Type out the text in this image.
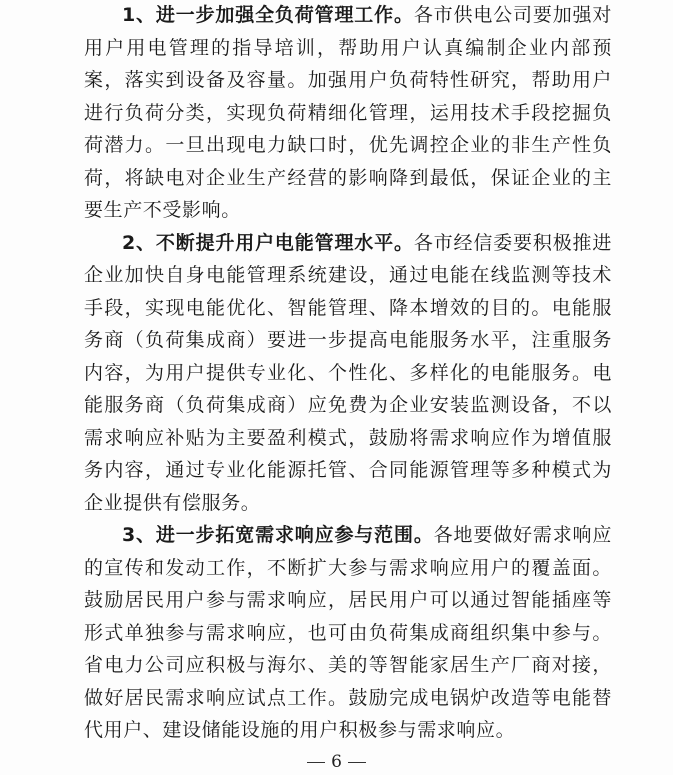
1、进一步加强全负荷管理工作。各市供电公司要加强对用户用电管理的指导培训，帮助用户认真编制企业内部预案，落实到设备及容量。加强用户负荷特性研究，帮助用户进行负荷分类，实现负荷精细化管理，运用技术手段挖掘负荷潜力。一旦出现电力缺口时，优先调控企业的非生产性负荷，将缺电对企业生产经营的影响降到最低，保证企业的主要生产不受影响。

2、不断提升用户电能管理水平。各市经信委要积极推进企业加快自身电能管理系统建设，通过电能在线监测等技术手段，实现电能优化、智能管理、降本增效的目的。电能服务商（负荷集成商）要进一步提高电能服务水平，注重服务内容，为用户提供专业化、个性化、多样化的电能服务。电能服务商（负荷集成商）应免费为企业安装监测设备，不以需求响应补贴为主要盈利模式，鼓励将需求响应作为增值服务内容，通过专业化能源托管、合同能源管理等多种模式为企业提供有偿服务。

3、进一步拓宽需求响应参与范围。各地要做好需求响应的宣传和发动工作，不断扩大参与需求响应用户的覆盖面。鼓励居民用户参与需求响应，居民用户可以通过智能插座等形式单独参与需求响应，也可由负荷集成商组织集中参与。省电力公司应积极与海尔、美的等智能家居生产厂商对接，做好居民需求响应试点工作。鼓励完成电锅炉改造等电能替代用户、建设储能设施的用户积极参与需求响应。

6
